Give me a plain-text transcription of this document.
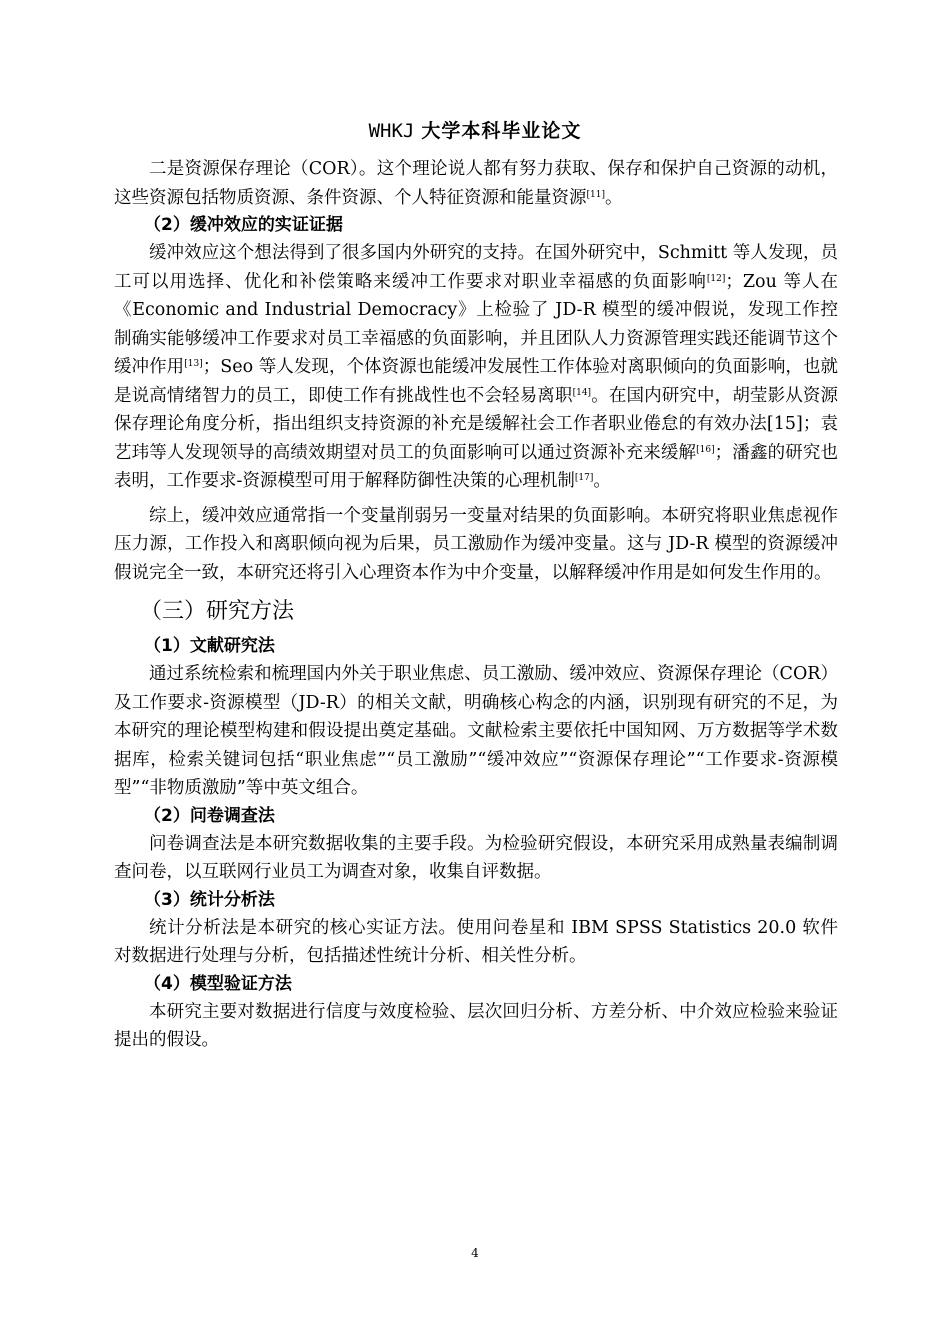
WHKJ 大学本科毕业论文

二是资源保存理论（COR）。这个理论说人都有努力获取、保存和保护自己资源的动机，这些资源包括物质资源、条件资源、个人特征资源和能量资源[11]。

（2）缓冲效应的实证证据

缓冲效应这个想法得到了很多国内外研究的支持。在国外研究中，Schmitt 等人发现，员工可以用选择、优化和补偿策略来缓冲工作要求对职业幸福感的负面影响[12]；Zou 等人在《Economic and Industrial Democracy》上检验了 JD-R 模型的缓冲假说，发现工作控制确实能够缓冲工作要求对员工幸福感的负面影响，并且团队人力资源管理实践还能调节这个缓冲作用[13]；Seo 等人发现，个体资源也能缓冲发展性工作体验对离职倾向的负面影响，也就是说高情绪智力的员工，即使工作有挑战性也不会轻易离职[14]。在国内研究中，胡莹影从资源保存理论角度分析，指出组织支持资源的补充是缓解社会工作者职业倦怠的有效办法[15]；袁艺玮等人发现领导的高绩效期望对员工的负面影响可以通过资源补充来缓解[16]；潘鑫的研究也表明，工作要求-资源模型可用于解释防御性决策的心理机制[17]。

综上，缓冲效应通常指一个变量削弱另一变量对结果的负面影响。本研究将职业焦虑视作压力源，工作投入和离职倾向视为后果，员工激励作为缓冲变量。这与 JD-R 模型的资源缓冲假说完全一致，本研究还将引入心理资本作为中介变量，以解释缓冲作用是如何发生作用的。

（三）研究方法
（1）文献研究法

通过系统检索和梳理国内外关于职业焦虑、员工激励、缓冲效应、资源保存理论（COR）及工作要求-资源模型（JD-R）的相关文献，明确核心构念的内涵，识别现有研究的不足，为本研究的理论模型构建和假设提出奠定基础。文献检索主要依托中国知网、万方数据等学术数据库，检索关键词包括“职业焦虑”“员工激励”“缓冲效应”“资源保存理论”“工作要求-资源模型”“非物质激励”等中英文组合。

（2）问卷调查法

问卷调查法是本研究数据收集的主要手段。为检验研究假设，本研究采用成熟量表编制调查问卷，以互联网行业员工为调查对象，收集自评数据。

（3）统计分析法

统计分析法是本研究的核心实证方法。使用问卷星和 IBM SPSS Statistics 20.0 软件对数据进行处理与分析，包括描述性统计分析、相关性分析。

（4）模型验证方法

本研究主要对数据进行信度与效度检验、层次回归分析、方差分析、中介效应检验来验证提出的假设。

4
